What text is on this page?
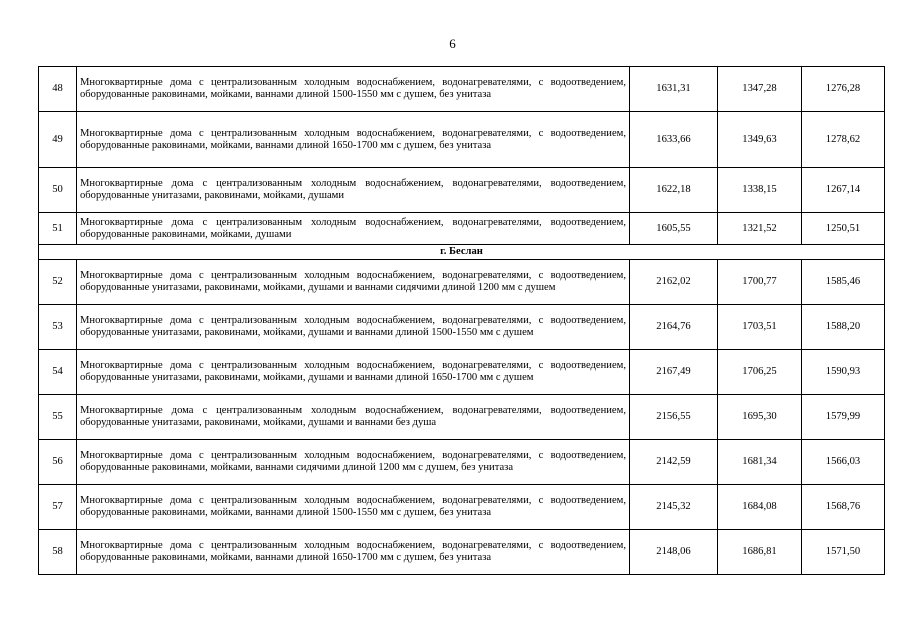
6
48	Многоквартирные дома с централизованным холодным водоснабжением, водонагревателями, с водоотведением, оборудованные раковинами, мойками, ваннами длиной 1500-1550 мм с душем, без унитаза	1631,31	1347,28	1276,28
49	Многоквартирные дома с централизованным холодным водоснабжением, водонагревателями, с водоотведением, оборудованные раковинами, мойками, ваннами длиной 1650-1700 мм с душем, без унитаза	1633,66	1349,63	1278,62
50	Многоквартирные дома с централизованным холодным водоснабжением, водонагревателями, водоотведением, оборудованные унитазами, раковинами, мойками, душами	1622,18	1338,15	1267,14
51	Многоквартирные дома с централизованным холодным водоснабжением, водонагревателями, водоотведением, оборудованные раковинами, мойками, душами	1605,55	1321,52	1250,51
г. Беслан				
52	Многоквартирные дома с централизованным холодным водоснабжением, водонагревателями, с водоотведением, оборудованные унитазами, раковинами, мойками, душами и ваннами сидячими длиной 1200 мм с душем	2162,02	1700,77	1585,46
53	Многоквартирные дома с централизованным холодным водоснабжением, водонагревателями, с водоотведением, оборудованные унитазами, раковинами, мойками, душами и ваннами длиной 1500-1550 мм с душем	2164,76	1703,51	1588,20
54	Многоквартирные дома с централизованным холодным водоснабжением, водонагревателями, с водоотведением, оборудованные унитазами, раковинами, мойками, душами и ваннами длиной 1650-1700 мм с душем	2167,49	1706,25	1590,93
55	Многоквартирные дома с централизованным холодным водоснабжением, водонагревателями, водоотведением, оборудованные унитазами, раковинами, мойками, душами и ваннами без душа	2156,55	1695,30	1579,99
56	Многоквартирные дома с централизованным холодным водоснабжением, водонагревателями, с водоотведением, оборудованные раковинами, мойками, ваннами сидячими длиной 1200 мм с душем, без унитаза	2142,59	1681,34	1566,03
57	Многоквартирные дома с централизованным холодным водоснабжением, водонагревателями, с водоотведением, оборудованные раковинами, мойками, ваннами длиной 1500-1550 мм с душем, без унитаза	2145,32	1684,08	1568,76
58	Многоквартирные дома с централизованным холодным водоснабжением, водонагревателями, с водоотведением, оборудованные раковинами, мойками, ваннами длиной 1650-1700 мм с душем, без унитаза	2148,06	1686,81	1571,50
